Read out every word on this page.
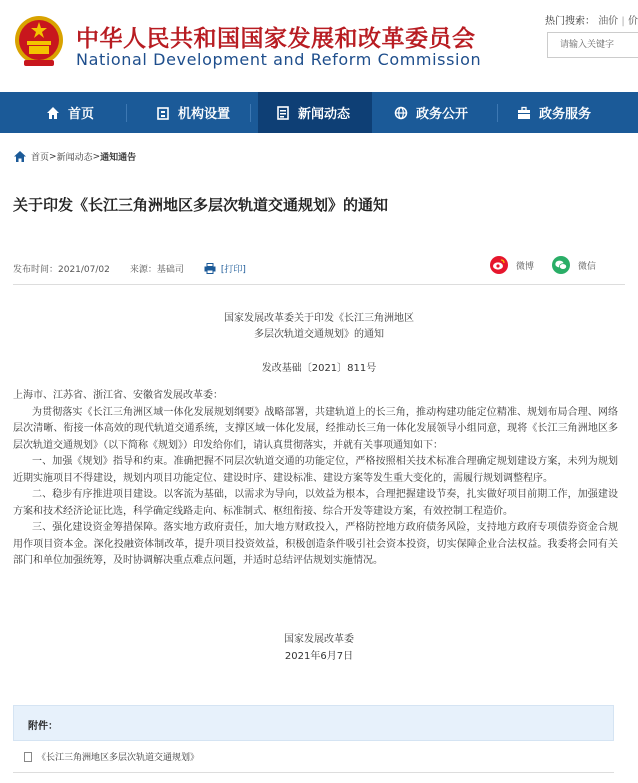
中华人民共和国国家发展和改革委员会
National Development and Reform Commission
热门搜索： 油价 | 价
请输入关键字
首页	机构设置	新闻动态	政务公开	政务服务
首页 > 新闻动态 > 通知通告
关于印发《长江三角洲地区多层次轨道交通规划》的通知
发布时间：2021/07/02 来源：基础司	[打印]	微博	微信
国家发展改革委关于印发《长江三角洲地区
多层次轨道交通规划》的通知
发改基础〔2021〕811号

上海市、江苏省、浙江省、安徽省发展改革委：

为贯彻落实《长江三角洲区域一体化发展规划纲要》战略部署，共建轨道上的长三角，推动构建功能定位精准、规划布局合理、网络层次清晰、衔接一体高效的现代轨道交通系统，支撑区域一体化发展，经推动长三角一体化发展领导小组同意，现将《长江三角洲地区多层次轨道交通规划》（以下简称《规划》）印发给你们，请认真贯彻落实，并就有关事项通知如下：

一、加强《规划》指导和约束。准确把握不同层次轨道交通的功能定位，严格按照相关技术标准合理确定规划建设方案，未列为规划近期实施项目不得建设，规划内项目功能定位、建设时序、建设标准、建设方案等发生重大变化的，需履行规划调整程序。

二、稳步有序推进项目建设。以客流为基础，以需求为导向，以效益为根本，合理把握建设节奏，扎实做好项目前期工作，加强建设方案和技术经济论证比选，科学确定线路走向、标准制式、枢纽衔接、综合开发等建设方案，有效控制工程造价。

三、强化建设资金筹措保障。落实地方政府责任，加大地方财政投入，严格防控地方政府债务风险，支持地方政府专项债券资金合规用作项目资本金。深化投融资体制改革，提升项目投资效益，积极创造条件吸引社会资本投资，切实保障企业合法权益。我委将会同有关部门和单位加强统筹，及时协调解决重点难点问题，并适时总结评估规划实施情况。

国家发展改革委
2021年6月7日
附件：
《长江三角洲地区多层次轨道交通规划》
